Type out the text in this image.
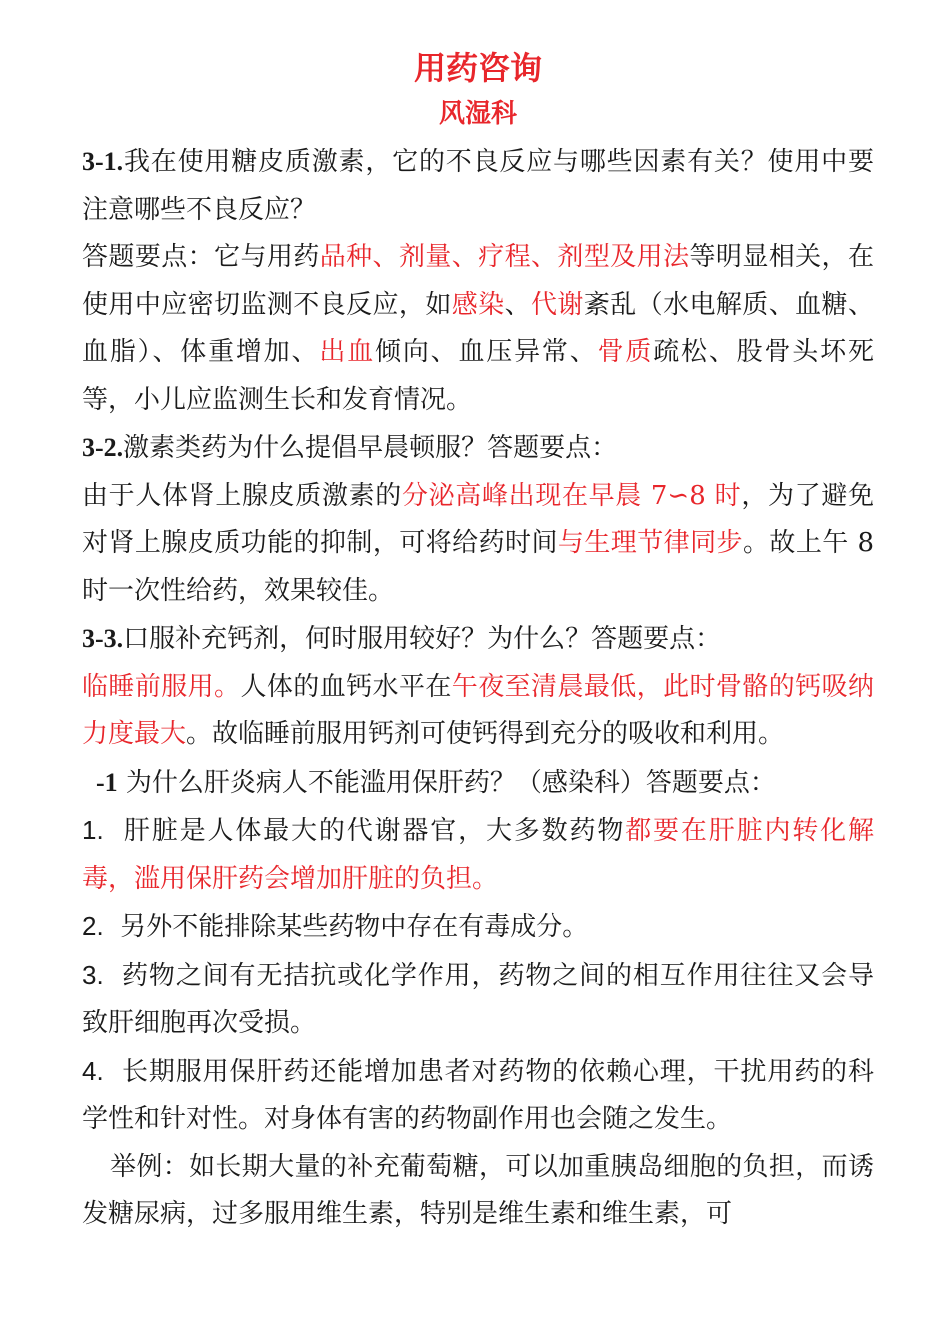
用药咨询
风湿科

3-1.我在使用糖皮质激素，它的不良反应与哪些因素有关？使用中要注意哪些不良反应？

答题要点：它与用药品种、剂量、疗程、剂型及用法等明显相关，在使用中应密切监测不良反应，如感染、代谢紊乱（水电解质、血糖、血脂）、体重增加、出血倾向、血压异常、骨质疏松、股骨头坏死等，小儿应监测生长和发育情况。

3-2.激素类药为什么提倡早晨顿服？答题要点：

由于人体肾上腺皮质激素的分泌高峰出现在早晨 7∽8 时，为了避免对肾上腺皮质功能的抑制，可将给药时间与生理节律同步。故上午 8 时一次性给药，效果较佳。

3-3.口服补充钙剂，何时服用较好？为什么？答题要点：

临睡前服用。人体的血钙水平在午夜至清晨最低，此时骨骼的钙吸纳力度最大。故临睡前服用钙剂可使钙得到充分的吸收和利用。

-1 为什么肝炎病人不能滥用保肝药？（感染科）答题要点：

1. 肝脏是人体最大的代谢器官，大多数药物都要在肝脏内转化解毒，滥用保肝药会增加肝脏的负担。

2. 另外不能排除某些药物中存在有毒成分。

3. 药物之间有无拮抗或化学作用，药物之间的相互作用往往又会导致肝细胞再次受损。

4. 长期服用保肝药还能增加患者对药物的依赖心理，干扰用药的科学性和针对性。对身体有害的药物副作用也会随之发生。

举例：如长期大量的补充葡萄糖，可以加重胰岛细胞的负担，而诱发糖尿病，过多服用维生素，特别是维生素和维生素，可
